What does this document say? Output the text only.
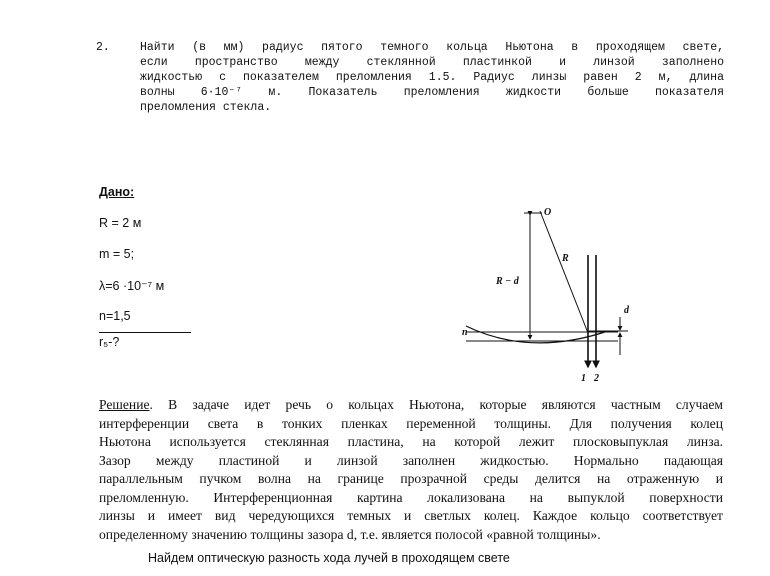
2.	Найти (в мм) радиус пятого темного кольца Ньютона в проходящем свете,
если пространство между стеклянной пластинкой и линзой заполнено
жидкостью с показателем преломления 1.5. Радиус линзы равен 2 м, длина
волны 6·10⁻⁷ м. Показатель преломления жидкости больше показателя
преломления стекла.
Дано:
R = 2 м
m = 5;
λ=6 ·10⁻⁷ м
n=1,5
r₅-?
O
R
R − d
d
n
1 2
Решение. В задаче идет речь о кольцах Ньютона, которые являются частным случаем
интерференции света в тонких пленках переменной толщины. Для получения колец
Ньютона используется стеклянная пластина, на которой лежит плосковыпуклая линза.
Зазор между пластиной и линзой заполнен жидкостью. Нормально падающая
параллельным пучком волна на границе прозрачной среды делится на отраженную и
преломленную. Интерференционная картина локализована на выпуклой поверхности
линзы и имеет вид чередующихся темных и светлых колец. Каждое кольцо соответствует
определенному значению толщины зазора d, т.е. является полосой «равной толщины».
Найдем оптическую разность хода лучей в проходящем свете
